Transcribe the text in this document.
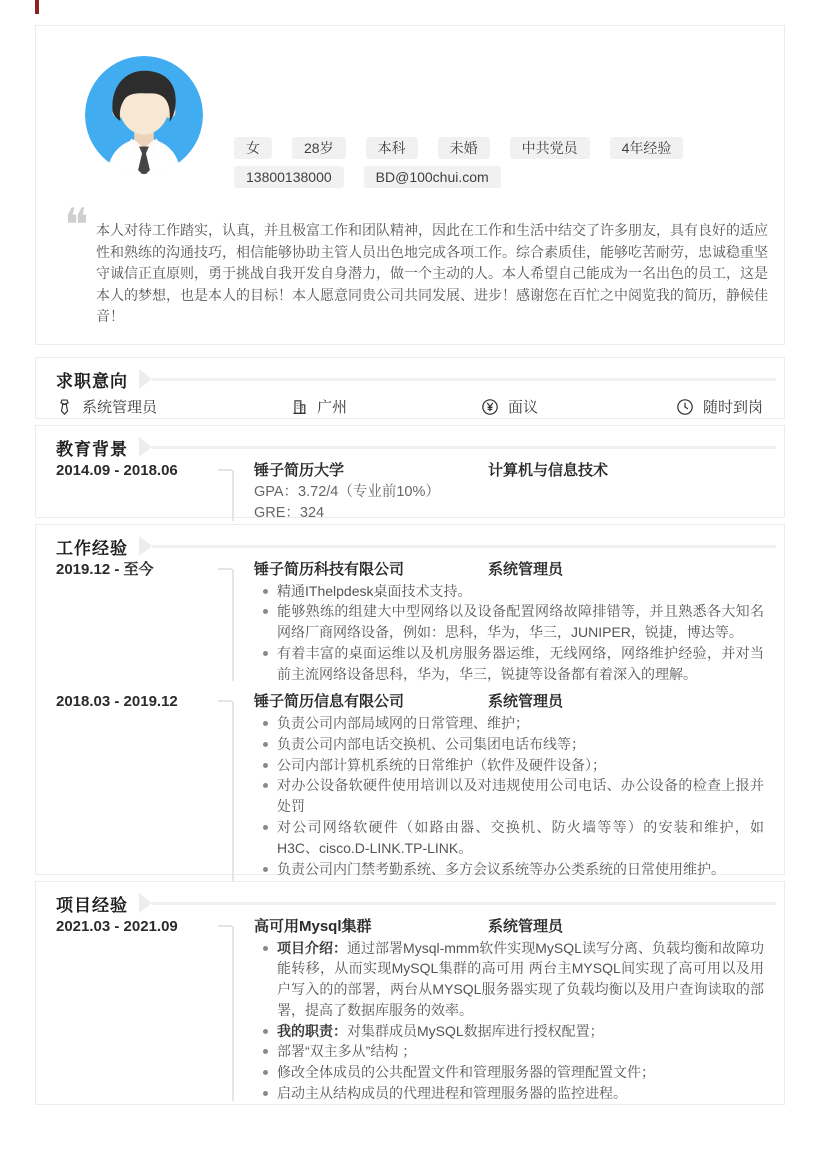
女	28岁	本科	未婚	中共党员	4年经验
13800138000	BD@100chui.com
❝ 本人对待工作踏实，认真，并且极富工作和团队精神，因此在工作和生活中结交了许多朋友，具有良好的适应性和熟练的沟通技巧，相信能够协助主管人员出色地完成各项工作。综合素质佳，能够吃苦耐劳，忠诚稳重坚守诚信正直原则，勇于挑战自我开发自身潜力，做一个主动的人。本人希望自己能成为一名出色的员工，这是本人的梦想，也是本人的目标！本人愿意同贵公司共同发展、进步！感谢您在百忙之中阅览我的简历，静候佳音！

求职意向
系统管理员	广州	面议	随时到岗
教育背景
2014.09 - 2018.06	锤子简历大学	计算机与信息技术
GPA：3.72/4（专业前10%）
GRE：324
工作经验
2019.12 - 至今	锤子简历科技有限公司	系统管理员
精通IThelpdesk桌面技术支持。
能够熟练的组建大中型网络以及设备配置网络故障排错等，并且熟悉各大知名网络厂商网络设备，例如：思科，华为，华三，JUNIPER，锐捷，博达等。
有着丰富的桌面运维以及机房服务器运维，无线网络，网络维护经验，并对当前主流网络设备思科，华为，华三，锐捷等设备都有着深入的理解。
2018.03 - 2019.12	锤子简历信息有限公司	系统管理员
负责公司内部局域网的日常管理、维护；
负责公司内部电话交换机、公司集团电话布线等；
公司内部计算机系统的日常维护（软件及硬件设备）；
对办公设备软硬件使用培训以及对违规使用公司电话、办公设备的检查上报并处罚
对公司网络软硬件（如路由器、交换机、防火墙等等）的安装和维护，如H3C、cisco.D-LINK.TP-LINK。
负责公司内门禁考勤系统、多方会议系统等办公类系统的日常使用维护。
项目经验
2021.03 - 2021.09	高可用Mysql集群	系统管理员
项目介绍：通过部署Mysql-mmm软件实现MySQL读写分离、负载均衡和故障功能转移，从而实现MySQL集群的高可用 两台主MYSQL间实现了高可用以及用户写入的的部署，两台从MYSQL服务器实现了负载均衡以及用户查询读取的部署，提高了数据库服务的效率。
我的职责：对集群成员MySQL数据库进行授权配置；
部署“双主多从”结构 ；
修改全体成员的公共配置文件和管理服务器的管理配置文件；
启动主从结构成员的代理进程和管理服务器的监控进程。
